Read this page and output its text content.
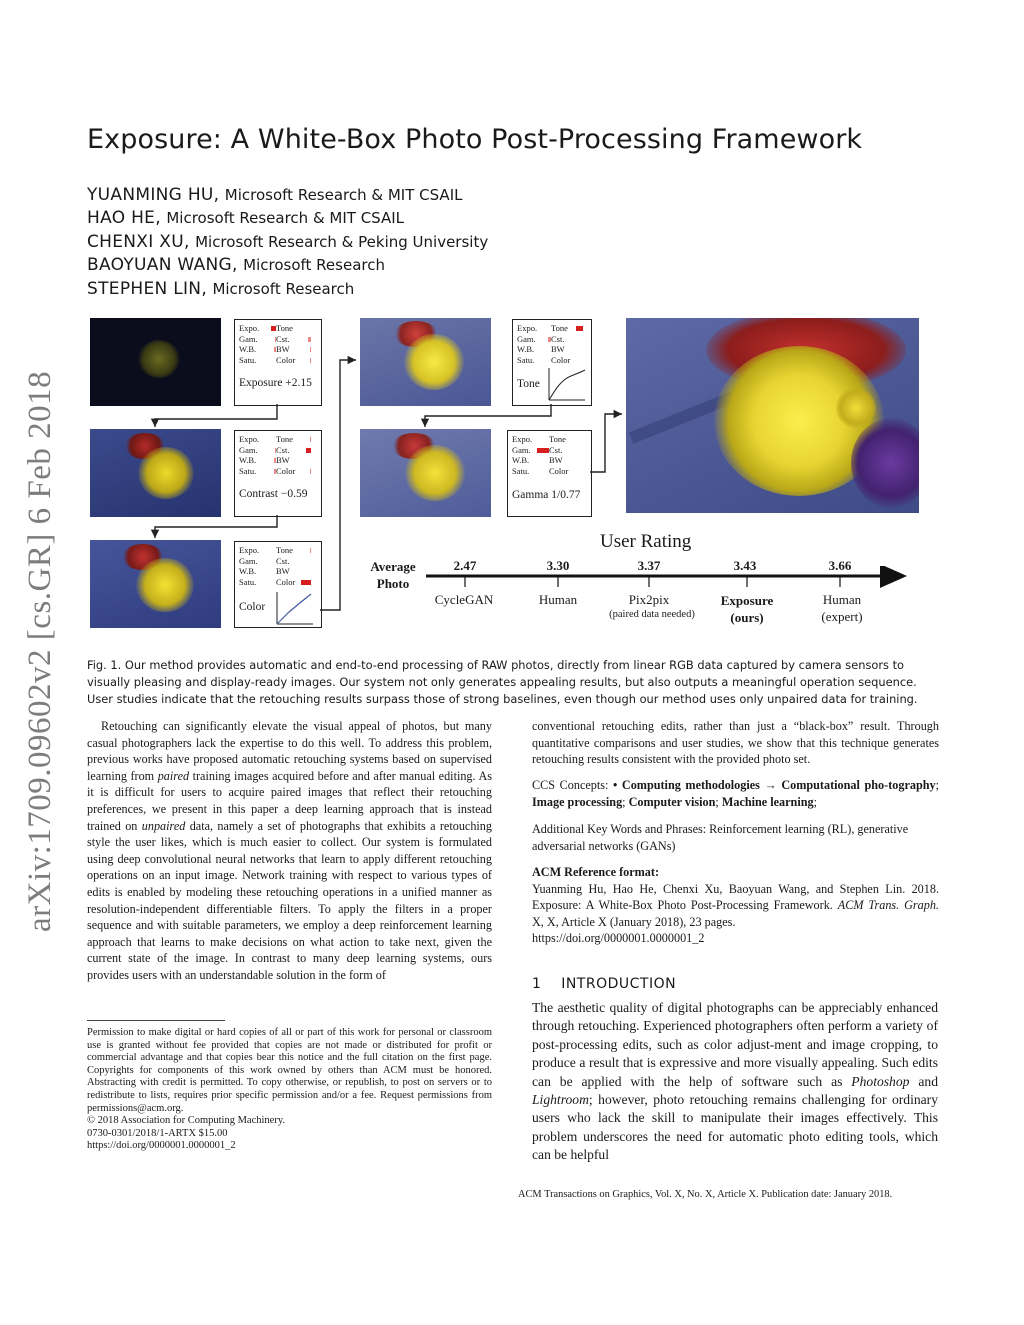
Exposure: A White-Box Photo Post-Processing Framework
YUANMING HU, Microsoft Research & MIT CSAIL
HAO HE, Microsoft Research & MIT CSAIL
CHENXI XU, Microsoft Research & Peking University
BAOYUAN WANG, Microsoft Research
STEPHEN LIN, Microsoft Research
arXiv:1709.09602v2 [cs.GR] 6 Feb 2018
Expo. Tone
Gam. Cst.
W.B. BW
Satu. Color
Exposure +2.15
Expo. Tone
Gam. Cst.
W.B. BW
Satu. Color
Contrast −0.59
Expo. Tone
Gam. Cst.
W.B. BW
Satu. Color
Color
Expo. Tone
Gam. Cst.
W.B. BW
Satu. Color
Tone
Expo. Tone
Gam. Cst.
W.B. BW
Satu. Color
Gamma 1/0.77
User Rating
Average
Photo
2.47	3.30	3.37	3.43	3.66
CycleGAN	Human	Pix2pix
(paired data needed)
Exposure
(ours)
Human
(expert)
Fig. 1. Our method provides automatic and end-to-end processing of RAW photos, directly from linear RGB data captured by camera sensors to visually pleasing and display-ready images. Our system not only generates appealing results, but also outputs a meaningful operation sequence. User studies indicate that the retouching results surpass those of strong baselines, even though our method uses only unpaired data for training.
Retouching can significantly elevate the visual appeal of photos, but many casual photographers lack the expertise to do this well. To address this problem, previous works have proposed automatic retouching systems based on supervised learning from paired training images acquired before and after manual editing. As it is difficult for users to acquire paired images that reflect their retouching preferences, we present in this paper a deep learning approach that is instead trained on unpaired data, namely a set of photographs that exhibits a retouching style the user likes, which is much easier to collect. Our system is formulated using deep convolutional neural networks that learn to apply different retouching operations on an input image. Network training with respect to various types of edits is enabled by modeling these retouching operations in a unified manner as resolution-independent differentiable filters. To apply the filters in a proper sequence and with suitable parameters, we employ a deep reinforcement learning approach that learns to make decisions on what action to take next, given the current state of the image. In contrast to many deep learning systems, ours provides users with an understandable solution in the form of
Permission to make digital or hard copies of all or part of this work for personal or classroom use is granted without fee provided that copies are not made or distributed for profit or commercial advantage and that copies bear this notice and the full citation on the first page. Copyrights for components of this work owned by others than ACM must be honored. Abstracting with credit is permitted. To copy otherwise, or republish, to post on servers or to redistribute to lists, requires prior specific permission and/or a fee. Request permissions from permissions@acm.org.
© 2018 Association for Computing Machinery.
0730-0301/2018/1-ARTX $15.00
https://doi.org/0000001.0000001_2
conventional retouching edits, rather than just a “black-box” result. Through quantitative comparisons and user studies, we show that this technique generates retouching results consistent with the provided photo set.
CCS Concepts: • Computing methodologies → Computational pho-tography; Image processing; Computer vision; Machine learning;
Additional Key Words and Phrases: Reinforcement learning (RL), generative adversarial networks (GANs)
ACM Reference format:
Yuanming Hu, Hao He, Chenxi Xu, Baoyuan Wang, and Stephen Lin. 2018. Exposure: A White-Box Photo Post-Processing Framework. ACM Trans. Graph. X, X, Article X (January 2018), 23 pages.
https://doi.org/0000001.0000001_2
1    INTRODUCTION
The aesthetic quality of digital photographs can be appreciably enhanced through retouching. Experienced photographers often perform a variety of post-processing edits, such as color adjust-ment and image cropping, to produce a result that is expressive and more visually appealing. Such edits can be applied with the help of software such as Photoshop and Lightroom; however, photo retouching remains challenging for ordinary users who lack the skill to manipulate their images effectively. This problem underscores the need for automatic photo editing tools, which can be helpful
ACM Transactions on Graphics, Vol. X, No. X, Article X. Publication date: January 2018.
